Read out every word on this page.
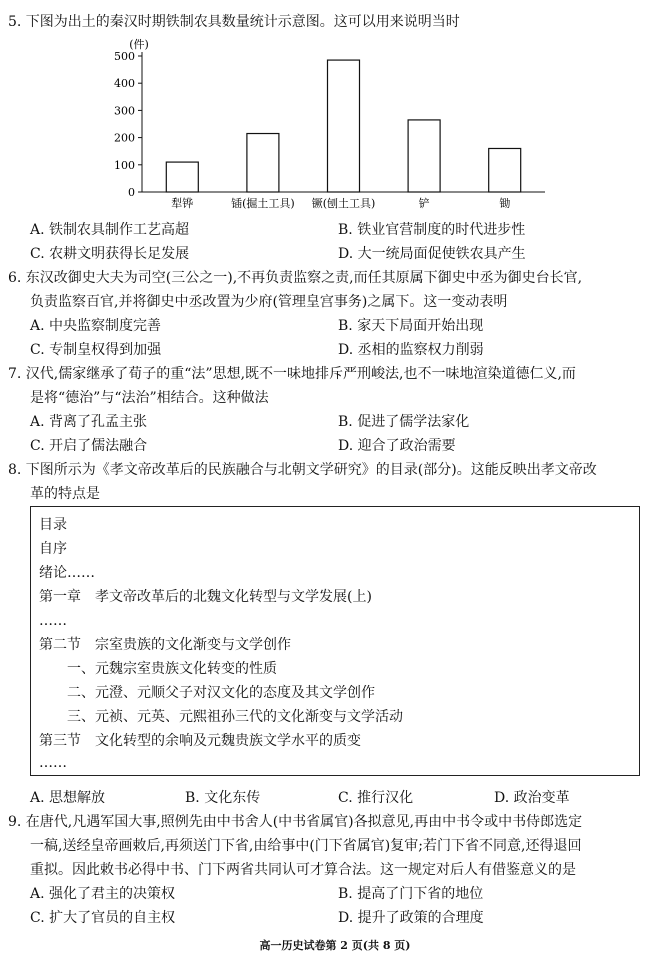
5. 下图为出土的秦汉时期铁制农具数量统计示意图。这可以用来说明当时
(件)
0
100
200
300
400
500
犁铧	锸(掘土工具) 镢(刨土工具)	铲	锄
A. 铁制农具制作工艺高超	B. 铁业官营制度的时代进步性
C. 农耕文明获得长足发展	D. 大一统局面促使铁农具产生
6. 东汉改御史大夫为司空(三公之一),不再负责监察之责,而任其原属下御史中丞为御史台长官,
负责监察百官,并将御史中丞改置为少府(管理皇宫事务)之属下。这一变动表明
A. 中央监察制度完善	B. 家天下局面开始出现
C. 专制皇权得到加强	D. 丞相的监察权力削弱
7. 汉代,儒家继承了荀子的重“法”思想,既不一味地排斥严刑峻法,也不一味地渲染道德仁义,而
是将“德治”与“法治”相结合。这种做法
A. 背离了孔孟主张	B. 促进了儒学法家化
C. 开启了儒法融合	D. 迎合了政治需要
8. 下图所示为《孝文帝改革后的民族融合与北朝文学研究》的目录(部分)。这能反映出孝文帝改
革的特点是
目录
自序
绪论……
第一章　孝文帝改革后的北魏文化转型与文学发展(上)
……
第二节　宗室贵族的文化渐变与文学创作
一、元魏宗室贵族文化转变的性质
二、元澄、元顺父子对汉文化的态度及其文学创作
三、元祯、元英、元熙祖孙三代的文化渐变与文学活动
第三节　文化转型的余响及元魏贵族文学水平的质变
……
A. 思想解放	B. 文化东传	C. 推行汉化	D. 政治变革
9. 在唐代,凡遇军国大事,照例先由中书舍人(中书省属官)各拟意见,再由中书令或中书侍郎选定
一稿,送经皇帝画敕后,再须送门下省,由给事中(门下省属官)复审;若门下省不同意,还得退回
重拟。因此敕书必得中书、门下两省共同认可才算合法。这一规定对后人有借鉴意义的是
A. 强化了君主的决策权	B. 提高了门下省的地位
C. 扩大了官员的自主权	D. 提升了政策的合理度
高一历史试卷第 2 页(共 8 页)
